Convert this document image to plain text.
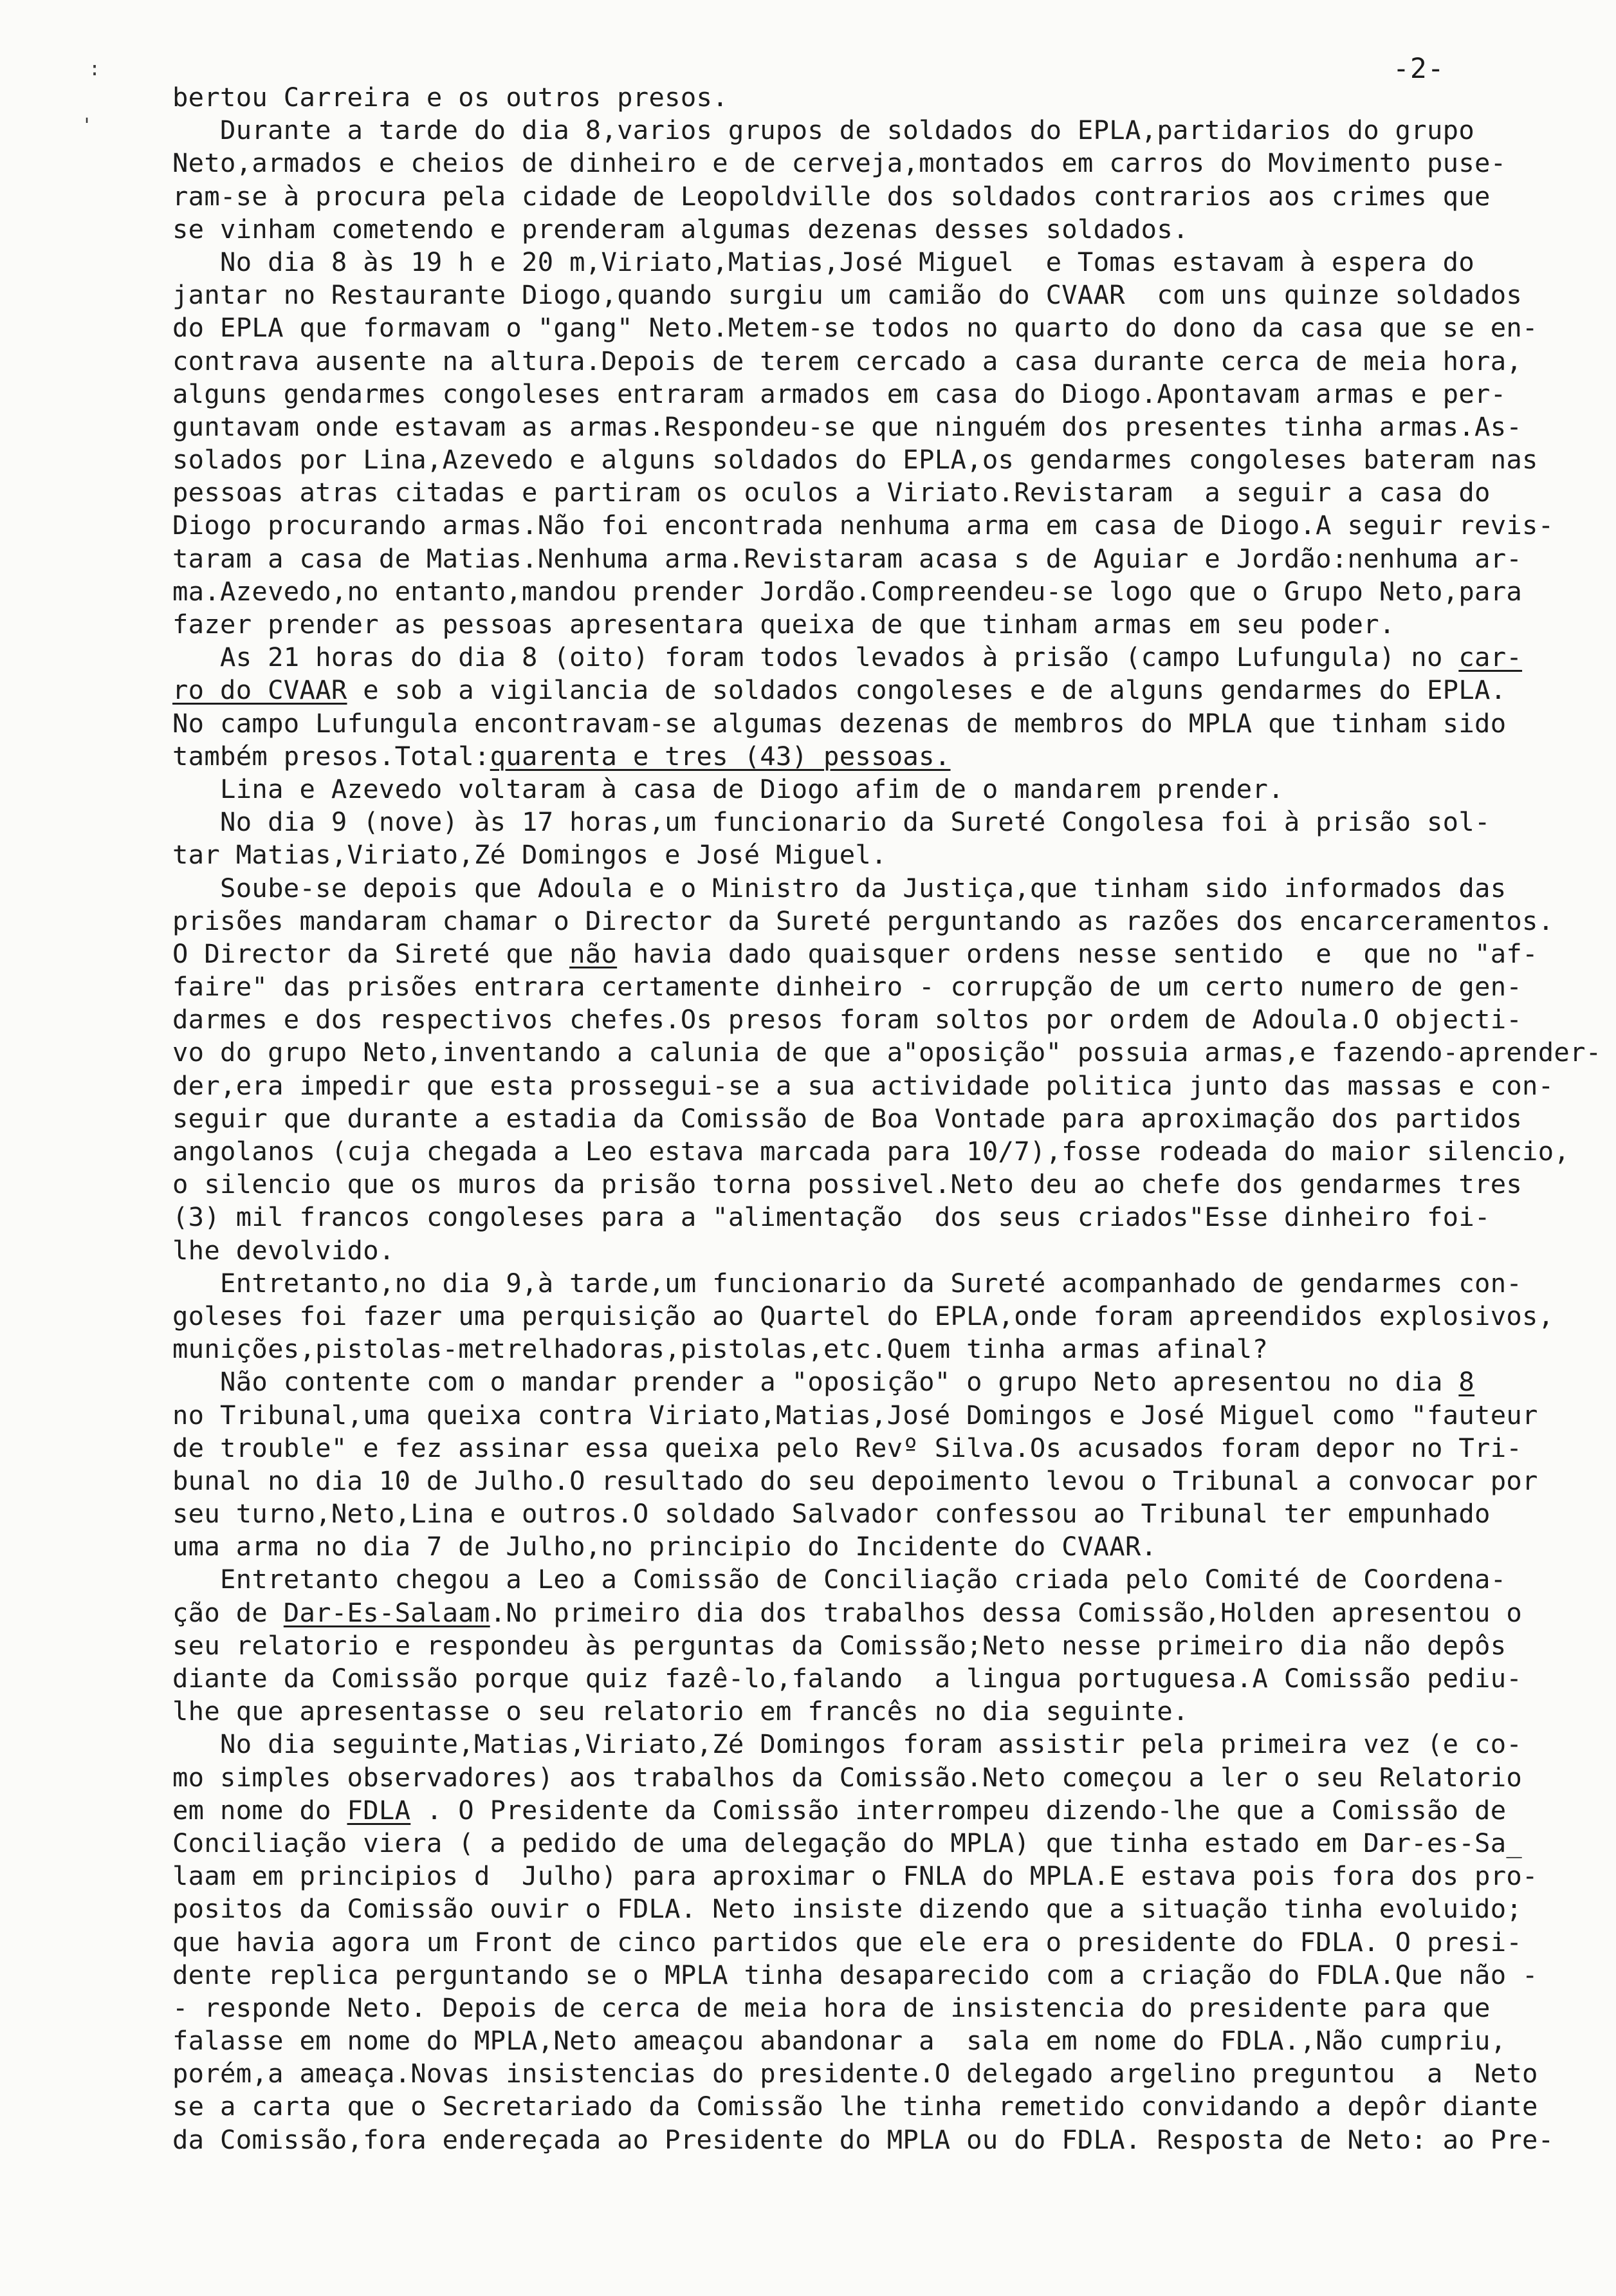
-2-
:
'
bertou Carreira e os outros presos.
Durante a tarde do dia 8,varios grupos de soldados do EPLA,partidarios do grupo
Neto,armados e cheios de dinheiro e de cerveja,montados em carros do Movimento puse-
ram-se à procura pela cidade de Leopoldville dos soldados contrarios aos crimes que
se vinham cometendo e prenderam algumas dezenas desses soldados.
No dia 8 às 19 h e 20 m,Viriato,Matias,José Miguel  e Tomas estavam à espera do
jantar no Restaurante Diogo,quando surgiu um camião do CVAAR  com uns quinze soldados
do EPLA que formavam o "gang" Neto.Metem-se todos no quarto do dono da casa que se en-
contrava ausente na altura.Depois de terem cercado a casa durante cerca de meia hora,
alguns gendarmes congoleses entraram armados em casa do Diogo.Apontavam armas e per-
guntavam onde estavam as armas.Respondeu-se que ninguém dos presentes tinha armas.As-
solados por Lina,Azevedo e alguns soldados do EPLA,os gendarmes congoleses bateram nas
pessoas atras citadas e partiram os oculos a Viriato.Revistaram  a seguir a casa do
Diogo procurando armas.Não foi encontrada nenhuma arma em casa de Diogo.A seguir revis-
taram a casa de Matias.Nenhuma arma.Revistaram acasa s de Aguiar e Jordão:nenhuma ar-
ma.Azevedo,no entanto,mandou prender Jordão.Compreendeu-se logo que o Grupo Neto,para
fazer prender as pessoas apresentara queixa de que tinham armas em seu poder.
As 21 horas do dia 8 (oito) foram todos levados à prisão (campo Lufungula) no car-
ro do CVAAR e sob a vigilancia de soldados congoleses e de alguns gendarmes do EPLA.
No campo Lufungula encontravam-se algumas dezenas de membros do MPLA que tinham sido
também presos.Total:quarenta e tres (43) pessoas.
Lina e Azevedo voltaram à casa de Diogo afim de o mandarem prender.
No dia 9 (nove) às 17 horas,um funcionario da Sureté Congolesa foi à prisão sol-
tar Matias,Viriato,Zé Domingos e José Miguel.
Soube-se depois que Adoula e o Ministro da Justiça,que tinham sido informados das
prisões mandaram chamar o Director da Sureté perguntando as razões dos encarceramentos.
O Director da Sireté que não havia dado quaisquer ordens nesse sentido  e  que no "af-
faire" das prisões entrara certamente dinheiro - corrupção de um certo numero de gen-
darmes e dos respectivos chefes.Os presos foram soltos por ordem de Adoula.O objecti-
vo do grupo Neto,inventando a calunia de que a"oposição" possuia armas,e fazendo-aprender-
der,era impedir que esta prossegui-se a sua actividade politica junto das massas e con-
seguir que durante a estadia da Comissão de Boa Vontade para aproximação dos partidos
angolanos (cuja chegada a Leo estava marcada para 10/7),fosse rodeada do maior silencio,
o silencio que os muros da prisão torna possivel.Neto deu ao chefe dos gendarmes tres
(3) mil francos congoleses para a "alimentação  dos seus criados"Esse dinheiro foi-
lhe devolvido.
Entretanto,no dia 9,à tarde,um funcionario da Sureté acompanhado de gendarmes con-
goleses foi fazer uma perquisição ao Quartel do EPLA,onde foram apreendidos explosivos,
munições,pistolas-metrelhadoras,pistolas,etc.Quem tinha armas afinal?
Não contente com o mandar prender a "oposição" o grupo Neto apresentou no dia 8
no Tribunal,uma queixa contra Viriato,Matias,José Domingos e José Miguel como "fauteur
de trouble" e fez assinar essa queixa pelo Revº Silva.Os acusados foram depor no Tri-
bunal no dia 10 de Julho.O resultado do seu depoimento levou o Tribunal a convocar por
seu turno,Neto,Lina e outros.O soldado Salvador confessou ao Tribunal ter empunhado
uma arma no dia 7 de Julho,no principio do Incidente do CVAAR.
Entretanto chegou a Leo a Comissão de Conciliação criada pelo Comité de Coordena-
ção de Dar-Es-Salaam.No primeiro dia dos trabalhos dessa Comissão,Holden apresentou o
seu relatorio e respondeu às perguntas da Comissão;Neto nesse primeiro dia não depôs
diante da Comissão porque quiz fazê-lo,falando  a lingua portuguesa.A Comissão pediu-
lhe que apresentasse o seu relatorio em francês no dia seguinte.
No dia seguinte,Matias,Viriato,Zé Domingos foram assistir pela primeira vez (e co-
mo simples observadores) aos trabalhos da Comissão.Neto começou a ler o seu Relatorio
em nome do FDLA . O Presidente da Comissão interrompeu dizendo-lhe que a Comissão de
Conciliação viera ( a pedido de uma delegação do MPLA) que tinha estado em Dar-es-Sa_
laam em principios d  Julho) para aproximar o FNLA do MPLA.E estava pois fora dos pro-
positos da Comissão ouvir o FDLA. Neto insiste dizendo que a situação tinha evoluido;
que havia agora um Front de cinco partidos que ele era o presidente do FDLA. O presi-
dente replica perguntando se o MPLA tinha desaparecido com a criação do FDLA.Que não -
- responde Neto. Depois de cerca de meia hora de insistencia do presidente para que
falasse em nome do MPLA,Neto ameaçou abandonar a  sala em nome do FDLA.,Não cumpriu,
porém,a ameaça.Novas insistencias do presidente.O delegado argelino preguntou  a  Neto
se a carta que o Secretariado da Comissão lhe tinha remetido convidando a depôr diante
da Comissão,fora endereçada ao Presidente do MPLA ou do FDLA. Resposta de Neto: ao Pre-
